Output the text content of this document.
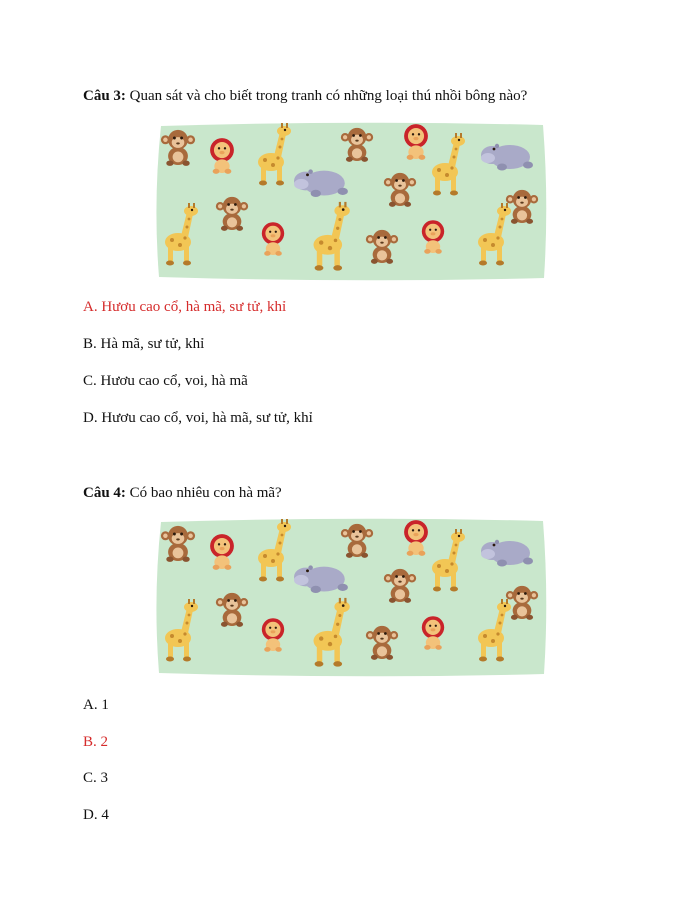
Câu 3: Quan sát và cho biết trong tranh có những loại thú nhồi bông nào?
A. Hươu cao cổ, hà mã, sư tử, khỉ
B. Hà mã, sư tử, khỉ
C. Hươu cao cổ, voi, hà mã
D. Hươu cao cổ, voi, hà mã, sư tử, khỉ
Câu 4: Có bao nhiêu con hà mã?
A. 1
B. 2
C. 3
D. 4
